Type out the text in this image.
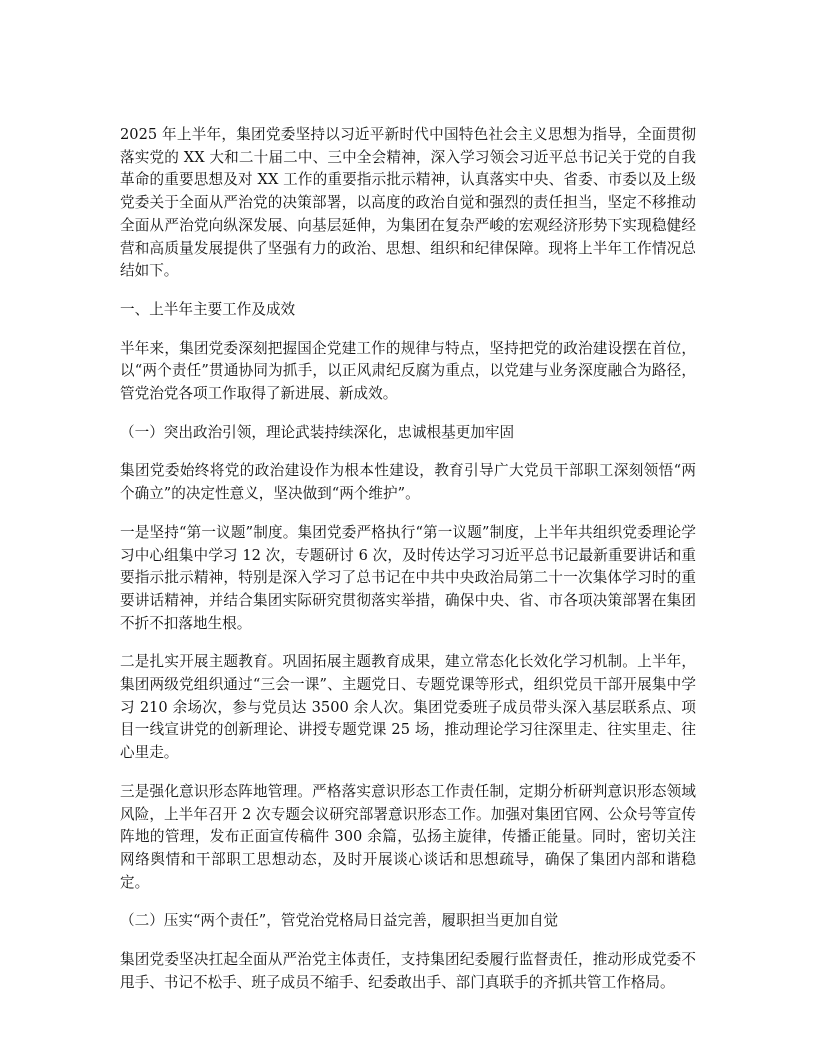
2025 年上半年，集团党委坚持以习近平新时代中国特色社会主义思想为指导，全面贯彻落实党的 XX 大和二十届二中、三中全会精神，深入学习领会习近平总书记关于党的自我革命的重要思想及对 XX 工作的重要指示批示精神，认真落实中央、省委、市委以及上级党委关于全面从严治党的决策部署，以高度的政治自觉和强烈的责任担当，坚定不移推动全面从严治党向纵深发展、向基层延伸，为集团在复杂严峻的宏观经济形势下实现稳健经营和高质量发展提供了坚强有力的政治、思想、组织和纪律保障。现将上半年工作情况总结如下。

一、上半年主要工作及成效

半年来，集团党委深刻把握国企党建工作的规律与特点，坚持把党的政治建设摆在首位，以“两个责任”贯通协同为抓手，以正风肃纪反腐为重点，以党建与业务深度融合为路径，管党治党各项工作取得了新进展、新成效。

（一）突出政治引领，理论武装持续深化，忠诚根基更加牢固

集团党委始终将党的政治建设作为根本性建设，教育引导广大党员干部职工深刻领悟“两个确立”的决定性意义，坚决做到“两个维护”。

一是坚持“第一议题”制度。集团党委严格执行“第一议题”制度，上半年共组织党委理论学习中心组集中学习 12 次，专题研讨 6 次，及时传达学习习近平总书记最新重要讲话和重要指示批示精神，特别是深入学习了总书记在中共中央政治局第二十一次集体学习时的重要讲话精神，并结合集团实际研究贯彻落实举措，确保中央、省、市各项决策部署在集团不折不扣落地生根。

二是扎实开展主题教育。巩固拓展主题教育成果，建立常态化长效化学习机制。上半年，集团两级党组织通过“三会一课”、主题党日、专题党课等形式，组织党员干部开展集中学习 210 余场次，参与党员达 3500 余人次。集团党委班子成员带头深入基层联系点、项目一线宣讲党的创新理论、讲授专题党课 25 场，推动理论学习往深里走、往实里走、往心里走。

三是强化意识形态阵地管理。严格落实意识形态工作责任制，定期分析研判意识形态领域风险，上半年召开 2 次专题会议研究部署意识形态工作。加强对集团官网、公众号等宣传阵地的管理，发布正面宣传稿件 300 余篇，弘扬主旋律，传播正能量。同时，密切关注网络舆情和干部职工思想动态，及时开展谈心谈话和思想疏导，确保了集团内部和谐稳定。

（二）压实“两个责任”，管党治党格局日益完善，履职担当更加自觉

集团党委坚决扛起全面从严治党主体责任，支持集团纪委履行监督责任，推动形成党委不甩手、书记不松手、班子成员不缩手、纪委敢出手、部门真联手的齐抓共管工作格局。
